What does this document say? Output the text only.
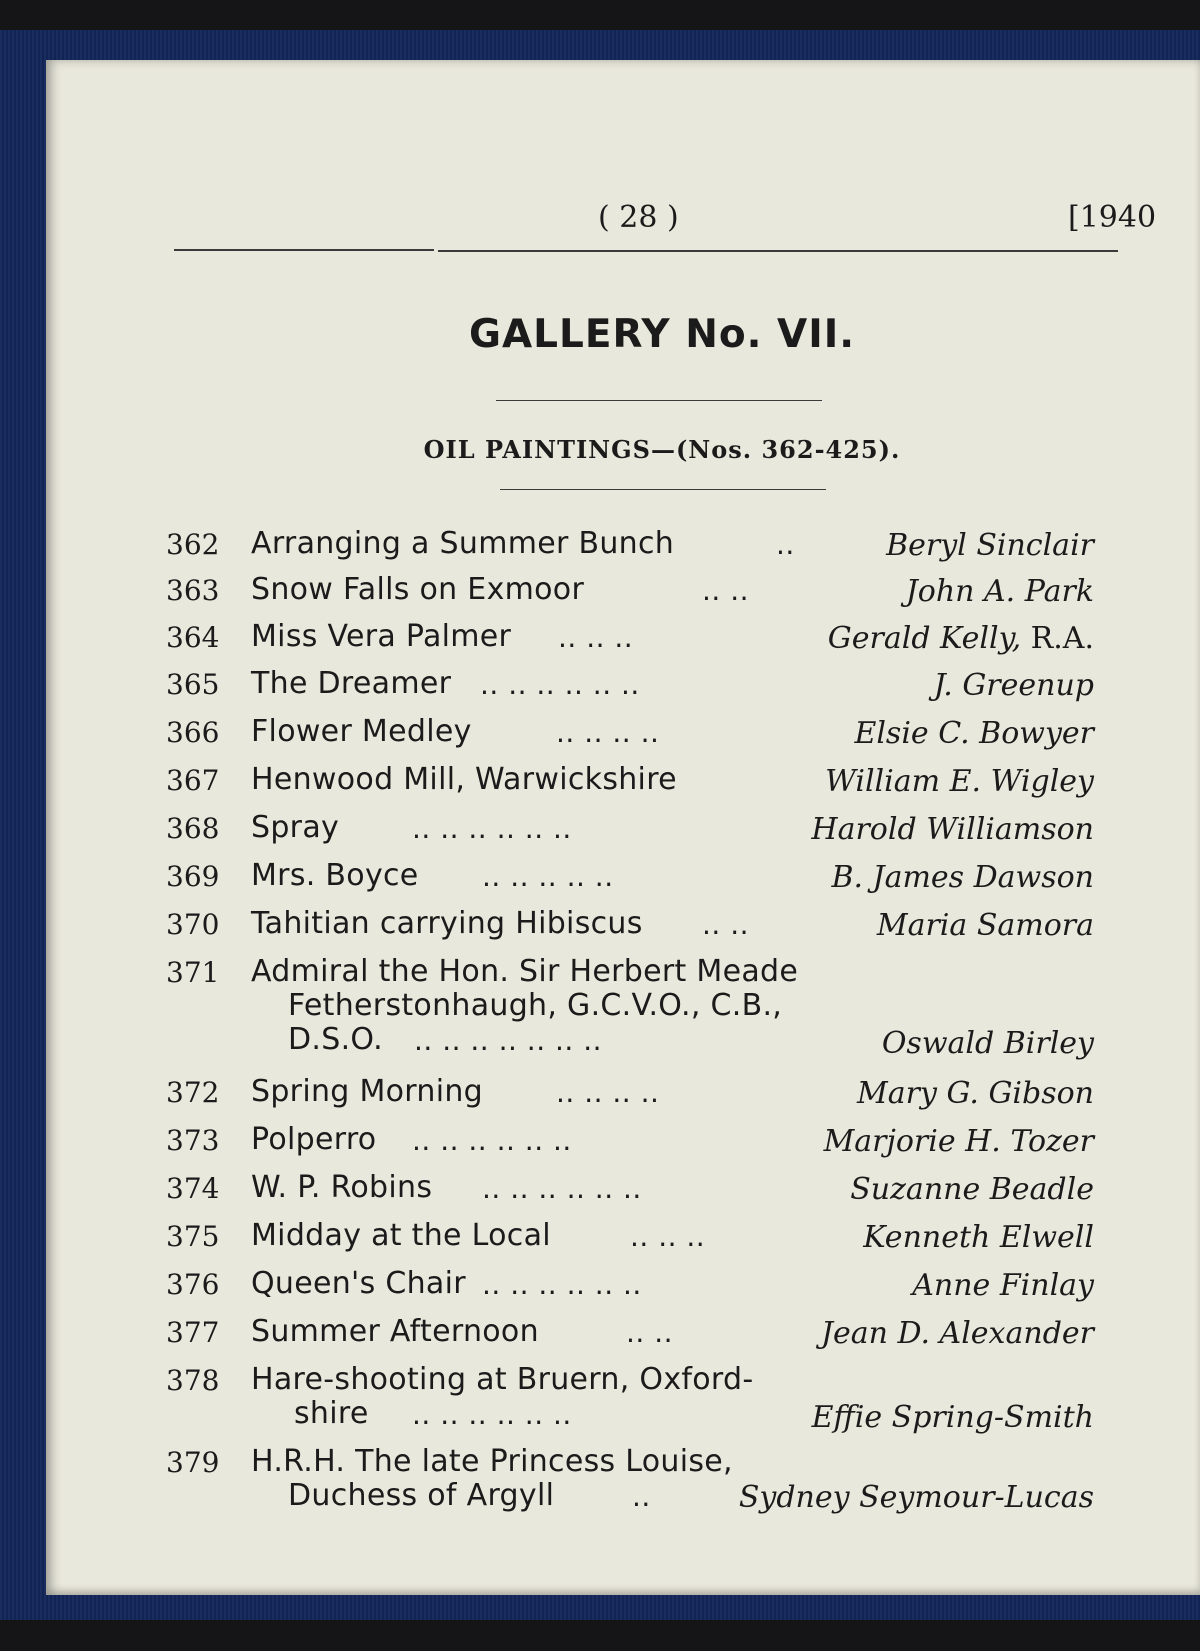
( 28 )	[1940
GALLERY No. VII.
OIL PAINTINGS—(Nos. 362-425).
362 Arranging a Summer Bunch	..	Beryl Sinclair
363 Snow Falls on Exmoor	.. ..	John A. Park
364 Miss Vera Palmer .. .. ..	Gerald Kelly, R.A.
365 The Dreamer .. .. .. .. .. ..	J. Greenup
366 Flower Medley	.. .. .. ..	Elsie C. Bowyer
367 Henwood Mill, Warwickshire	William E. Wigley
368 Spray	.. .. .. .. .. ..	Harold Williamson
369 Mrs. Boyce .. .. .. .. ..	B. James Dawson
370 Tahitian carrying Hibiscus .. ..	Maria Samora
371 Admiral the Hon. Sir Herbert Meade
Fetherstonhaugh, G.C.V.O., C.B.,
D.S.O. .. .. .. .. .. .. ..	Oswald Birley
372 Spring Morning	.. .. .. ..	Mary G. Gibson
373 Polperro .. .. .. .. .. ..	Marjorie H. Tozer
374 W. P. Robins .. .. .. .. .. ..	Suzanne Beadle
375 Midday at the Local	.. .. ..	Kenneth Elwell
376 Queen's Chair .. .. .. .. .. ..	Anne Finlay
377 Summer Afternoon	.. ..	Jean D. Alexander
378 Hare-shooting at Bruern, Oxford-
shire .. .. .. .. .. ..	Effie Spring-Smith
379 H.R.H. The late Princess Louise,
Duchess of Argyll	..	Sydney Seymour-Lucas
